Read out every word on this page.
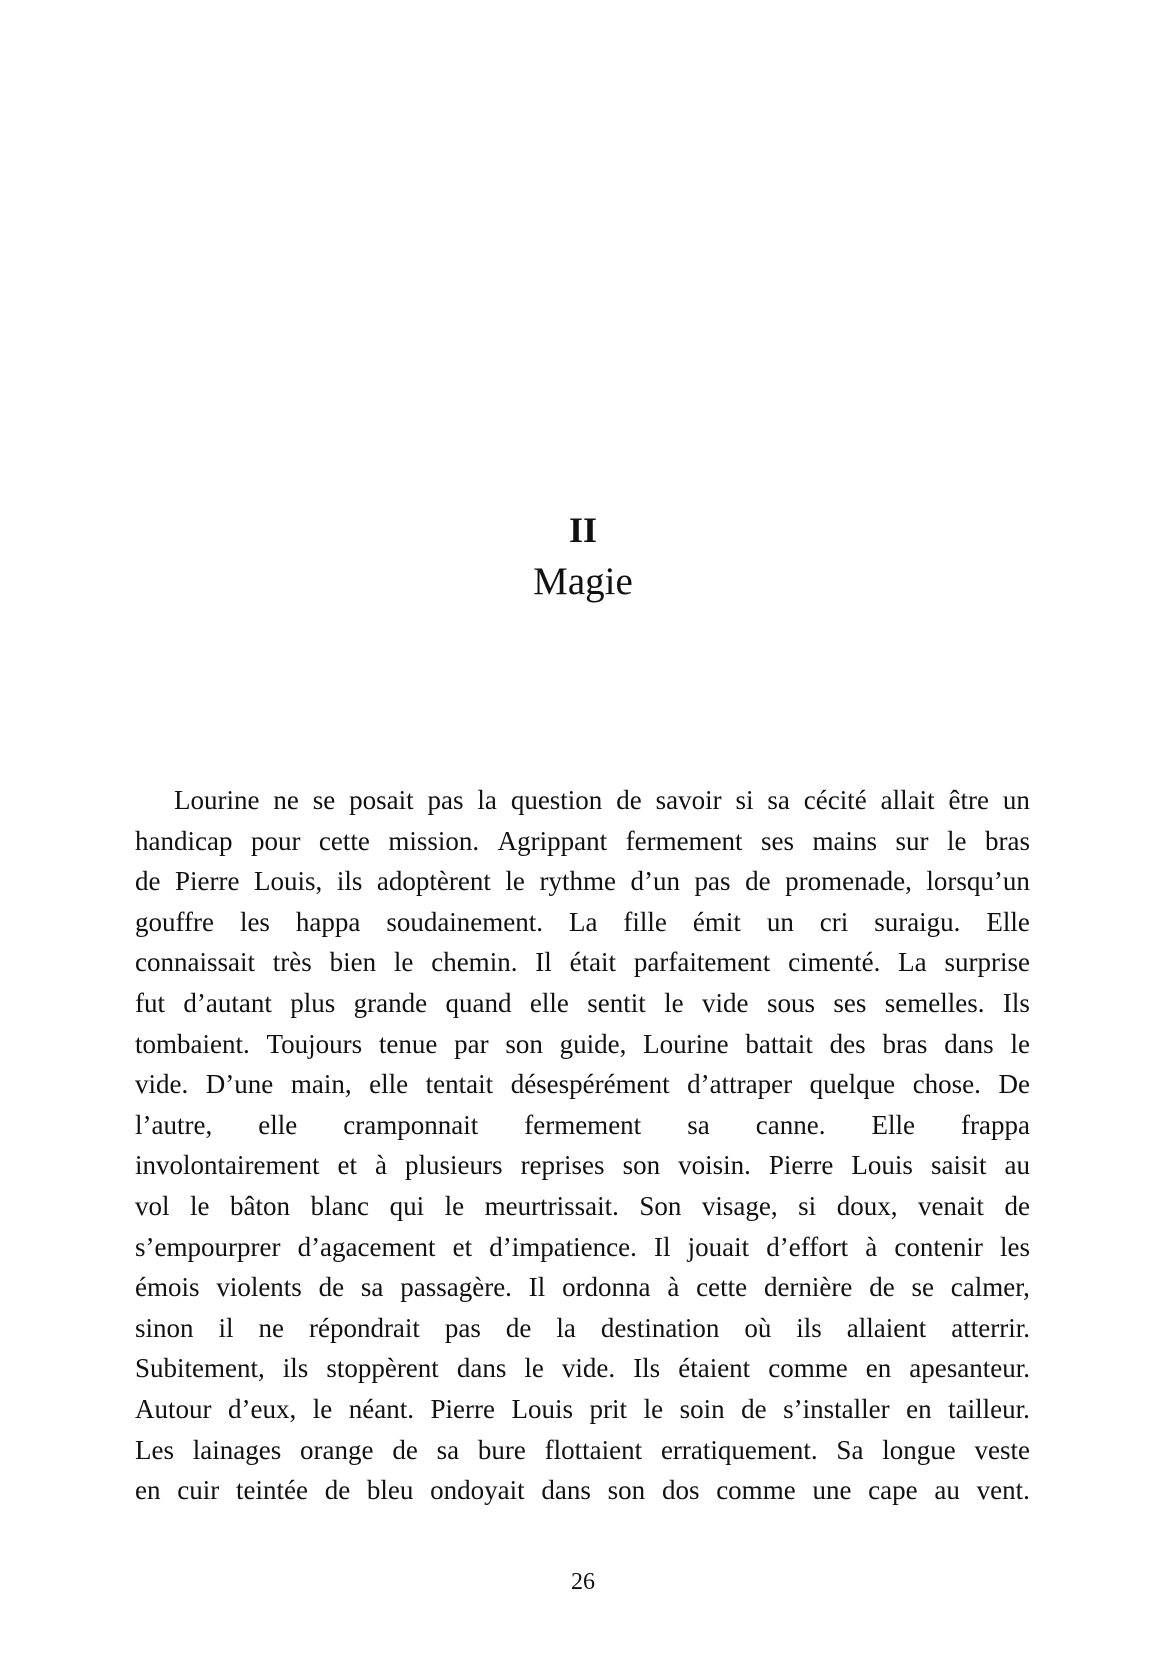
II
Magie
Lourine ne se posait pas la question de savoir si sa cécité allait être un
handicap pour cette mission. Agrippant fermement ses mains sur le bras
de Pierre Louis, ils adoptèrent le rythme d’un pas de promenade, lorsqu’un
gouffre les happa soudainement. La fille émit un cri suraigu. Elle
connaissait très bien le chemin. Il était parfaitement cimenté. La surprise
fut d’autant plus grande quand elle sentit le vide sous ses semelles. Ils
tombaient. Toujours tenue par son guide, Lourine battait des bras dans le
vide. D’une main, elle tentait désespérément d’attraper quelque chose. De
l’autre, elle cramponnait fermement sa canne. Elle frappa
involontairement et à plusieurs reprises son voisin. Pierre Louis saisit au
vol le bâton blanc qui le meurtrissait. Son visage, si doux, venait de
s’empourprer d’agacement et d’impatience. Il jouait d’effort à contenir les
émois violents de sa passagère. Il ordonna à cette dernière de se calmer,
sinon il ne répondrait pas de la destination où ils allaient atterrir.
Subitement, ils stoppèrent dans le vide. Ils étaient comme en apesanteur.
Autour d’eux, le néant. Pierre Louis prit le soin de s’installer en tailleur.
Les lainages orange de sa bure flottaient erratiquement. Sa longue veste
en cuir teintée de bleu ondoyait dans son dos comme une cape au vent.
26
